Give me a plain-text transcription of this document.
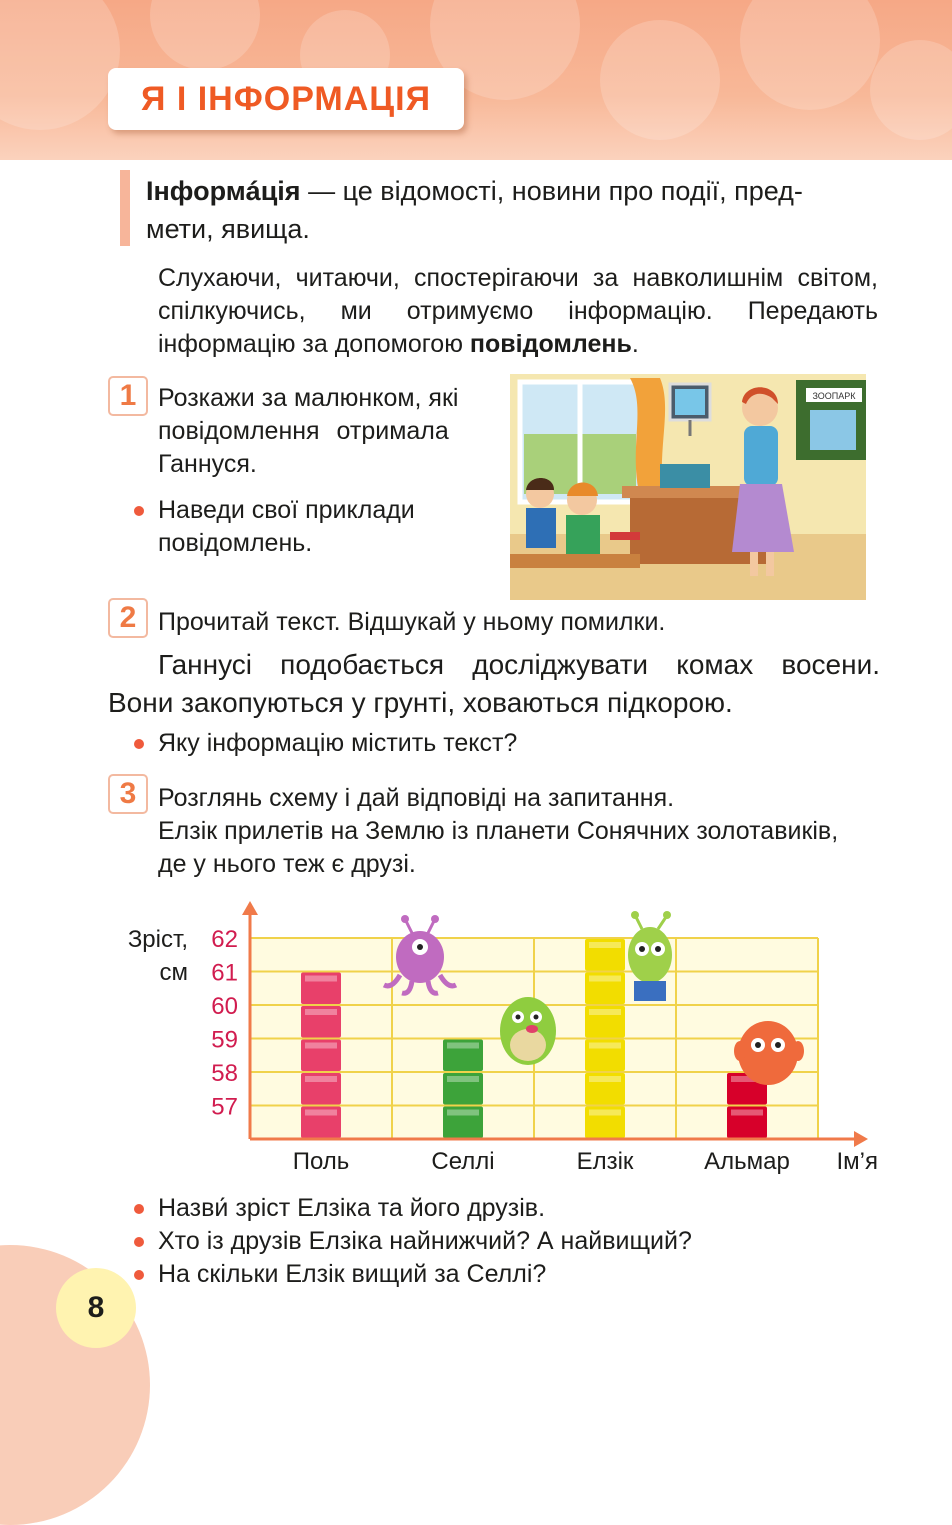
Я І ІНФОРМАЦІЯ
Інформáція — це відомості, новини про події, пред-
мети, явища.
Слухаючи, читаючи, спостерігаючи за навколишнім світом, спілкуючись, ми отримуємо інформацію. Передають інформацію за допомогою повідомлень.
1 Розкажи за малюнком, які
повідомлення отримала
Ганнуся.
Наведи свої приклади
повідомлень.
ЗООПАРК
2 Прочитай текст. Відшукай у ньому помилки.
Ганнусі подобається досліджувати комах восени.
Вони закопуються у грунті, ховаються підкорою.
Яку інформацію містить текст?
3 Розглянь схему і дай відповіді на запитання.
Елзік прилетів на Землю із планети Сонячних золотавиків,
де у нього теж є друзі.
Поль	Селлі	Елзік	Альмар
57
58
59
60
61
62
Зріст,
см
Ім’я
Назви́ зріст Елзіка та його друзів.
Хто із друзів Елзіка найнижчий? А найвищий?
На скільки Елзік вищий за Селлі?
8
